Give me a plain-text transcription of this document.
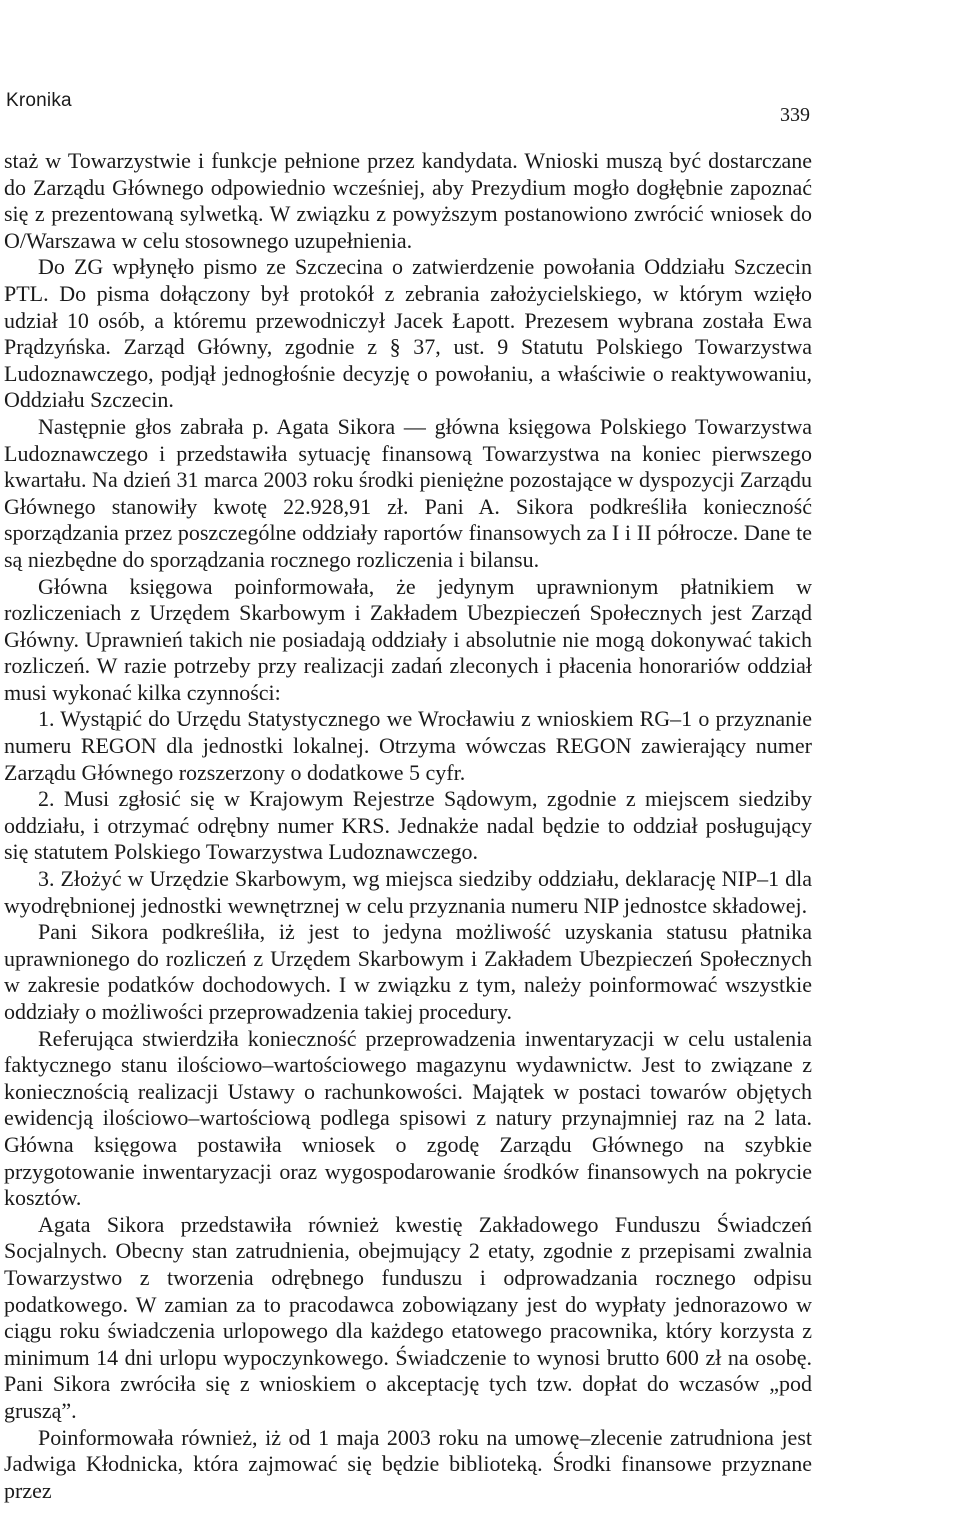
Kronika
339

staż w Towarzystwie i funkcje pełnione przez kandydata. Wnioski muszą być dostarczane do Zarządu Głównego odpowiednio wcześniej, aby Prezydium mogło dogłębnie zapoznać się z prezentowaną sylwetką. W związku z powyższym postanowiono zwrócić wniosek do O/Warszawa w celu stosownego uzupełnienia.

Do ZG wpłynęło pismo ze Szczecina o zatwierdzenie powołania Oddziału Szczecin PTL. Do pisma dołączony był protokół z zebrania założycielskiego, w którym wzięło udział 10 osób, a któremu przewodniczył Jacek Łapott. Prezesem wybrana została Ewa Prądzyńska. Zarząd Główny, zgodnie z § 37, ust. 9 Statutu Polskiego Towarzystwa Ludoznawczego, podjął jednogłośnie decyzję o powołaniu, a właściwie o reaktywowaniu, Oddziału Szczecin.

Następnie głos zabrała p. Agata Sikora — główna księgowa Polskiego Towarzystwa Ludoznawczego i przedstawiła sytuację finansową Towarzystwa na koniec pierwszego kwartału. Na dzień 31 marca 2003 roku środki pieniężne pozostające w dyspozycji Zarządu Głównego stanowiły kwotę 22.928,91 zł. Pani A. Sikora podkreśliła konieczność sporządzania przez poszczególne oddziały raportów finansowych za I i II półrocze. Dane te są niezbędne do sporządzania rocznego rozliczenia i bilansu.

Główna księgowa poinformowała, że jedynym uprawnionym płatnikiem w rozliczeniach z Urzędem Skarbowym i Zakładem Ubezpieczeń Społecznych jest Zarząd Główny. Uprawnień takich nie posiadają oddziały i absolutnie nie mogą dokonywać takich rozliczeń. W razie potrzeby przy realizacji zadań zleconych i płacenia honorariów oddział musi wykonać kilka czynności:

1. Wystąpić do Urzędu Statystycznego we Wrocławiu z wnioskiem RG–1 o przyznanie numeru REGON dla jednostki lokalnej. Otrzyma wówczas REGON zawierający numer Zarządu Głównego rozszerzony o dodatkowe 5 cyfr.

2. Musi zgłosić się w Krajowym Rejestrze Sądowym, zgodnie z miejscem siedziby oddziału, i otrzymać odrębny numer KRS. Jednakże nadal będzie to oddział posługujący się statutem Polskiego Towarzystwa Ludoznawczego.

3. Złożyć w Urzędzie Skarbowym, wg miejsca siedziby oddziału, deklarację NIP–1 dla wyodrębnionej jednostki wewnętrznej w celu przyznania numeru NIP jednostce składowej.

Pani Sikora podkreśliła, iż jest to jedyna możliwość uzyskania statusu płatnika uprawnionego do rozliczeń z Urzędem Skarbowym i Zakładem Ubezpieczeń Społecznych w zakresie podatków dochodowych. I w związku z tym, należy poinformować wszystkie oddziały o możliwości przeprowadzenia takiej procedury.

Referująca stwierdziła konieczność przeprowadzenia inwentaryzacji w celu ustalenia faktycznego stanu ilościowo–wartościowego magazynu wydawnictw. Jest to związane z koniecznością realizacji Ustawy o rachunkowości. Majątek w postaci towarów objętych ewidencją ilościowo–wartościową podlega spisowi z natury przynajmniej raz na 2 lata. Główna księgowa postawiła wniosek o zgodę Zarządu Głównego na szybkie przygotowanie inwentaryzacji oraz wygospodarowanie środków finansowych na pokrycie kosztów.

Agata Sikora przedstawiła również kwestię Zakładowego Funduszu Świadczeń Socjalnych. Obecny stan zatrudnienia, obejmujący 2 etaty, zgodnie z przepisami zwalnia Towarzystwo z tworzenia odrębnego funduszu i odprowadzania rocznego odpisu podatkowego. W zamian za to pracodawca zobowiązany jest do wypłaty jednorazowo w ciągu roku świadczenia urlopowego dla każdego etatowego pracownika, który korzysta z minimum 14 dni urlopu wypoczynkowego. Świadczenie to wynosi brutto 600 zł na osobę. Pani Sikora zwróciła się z wnioskiem o akceptację tych tzw. dopłat do wczasów „pod gruszą”.

Poinformowała również, iż od 1 maja 2003 roku na umowę–zlecenie zatrudniona jest Jadwiga Kłodnicka, która zajmować się będzie biblioteką. Środki finansowe przyznane przez
